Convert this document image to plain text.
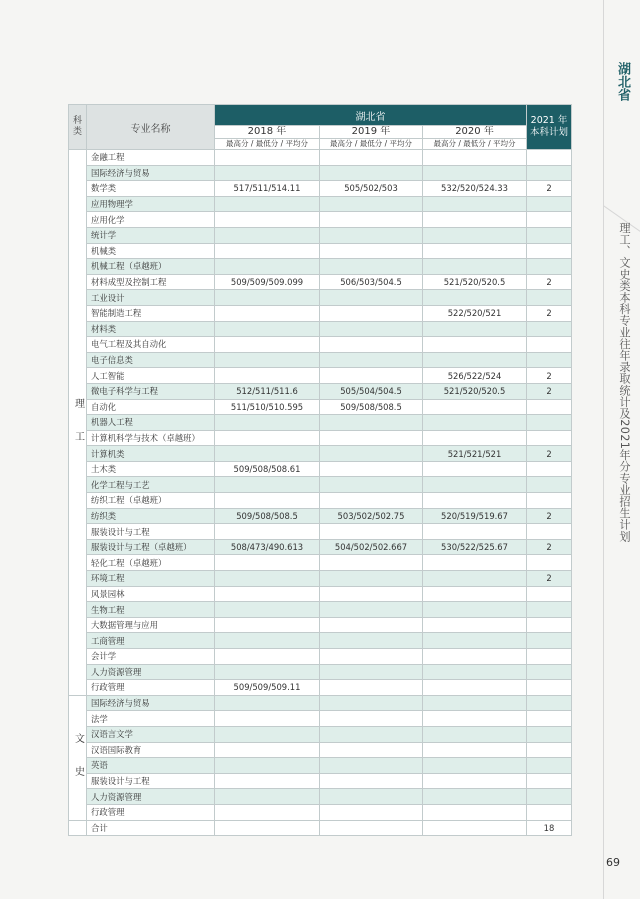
湖北省
理工、文史类本科专业往年录取统计及2021年分专业招生计划
69
科类	专业名称	湖北省			2021 年
本科计划

		2018 年	2019 年	2020 年	
		最高分 / 最低分 / 平均分	最高分 / 最低分 / 平均分	最高分 / 最低分 / 平均分	
理 工	金融工程				
	国际经济与贸易				
	数学类	517/511/514.11	505/502/503	532/520/524.33	2
	应用物理学				
	应用化学				
	统计学				
	机械类				
	机械工程（卓越班）				
	材料成型及控制工程	509/509/509.099	506/503/504.5	521/520/520.5	2
	工业设计				
	智能制造工程			522/520/521	2
	材料类				
	电气工程及其自动化				
	电子信息类				
	人工智能			526/522/524	2
	微电子科学与工程	512/511/511.6	505/504/504.5	521/520/520.5	2
	自动化	511/510/510.595	509/508/508.5		
	机器人工程				
	计算机科学与技术（卓越班）				
	计算机类			521/521/521	2
	土木类	509/508/508.61			
	化学工程与工艺				
	纺织工程（卓越班）				
	纺织类	509/508/508.5	503/502/502.75	520/519/519.67	2
	服装设计与工程				
	服装设计与工程（卓越班）	508/473/490.613	504/502/502.667	530/522/525.67	2
	轻化工程（卓越班）				
	环境工程				2
	风景园林				
	生物工程				
	大数据管理与应用				
	工商管理				
	会计学				
	人力资源管理				
	行政管理	509/509/509.11			
文 史	国际经济与贸易				
	法学				
	汉语言文学				
	汉语国际教育				
	英语				
	服装设计与工程				
	人力资源管理				
	行政管理				
	合计				18
